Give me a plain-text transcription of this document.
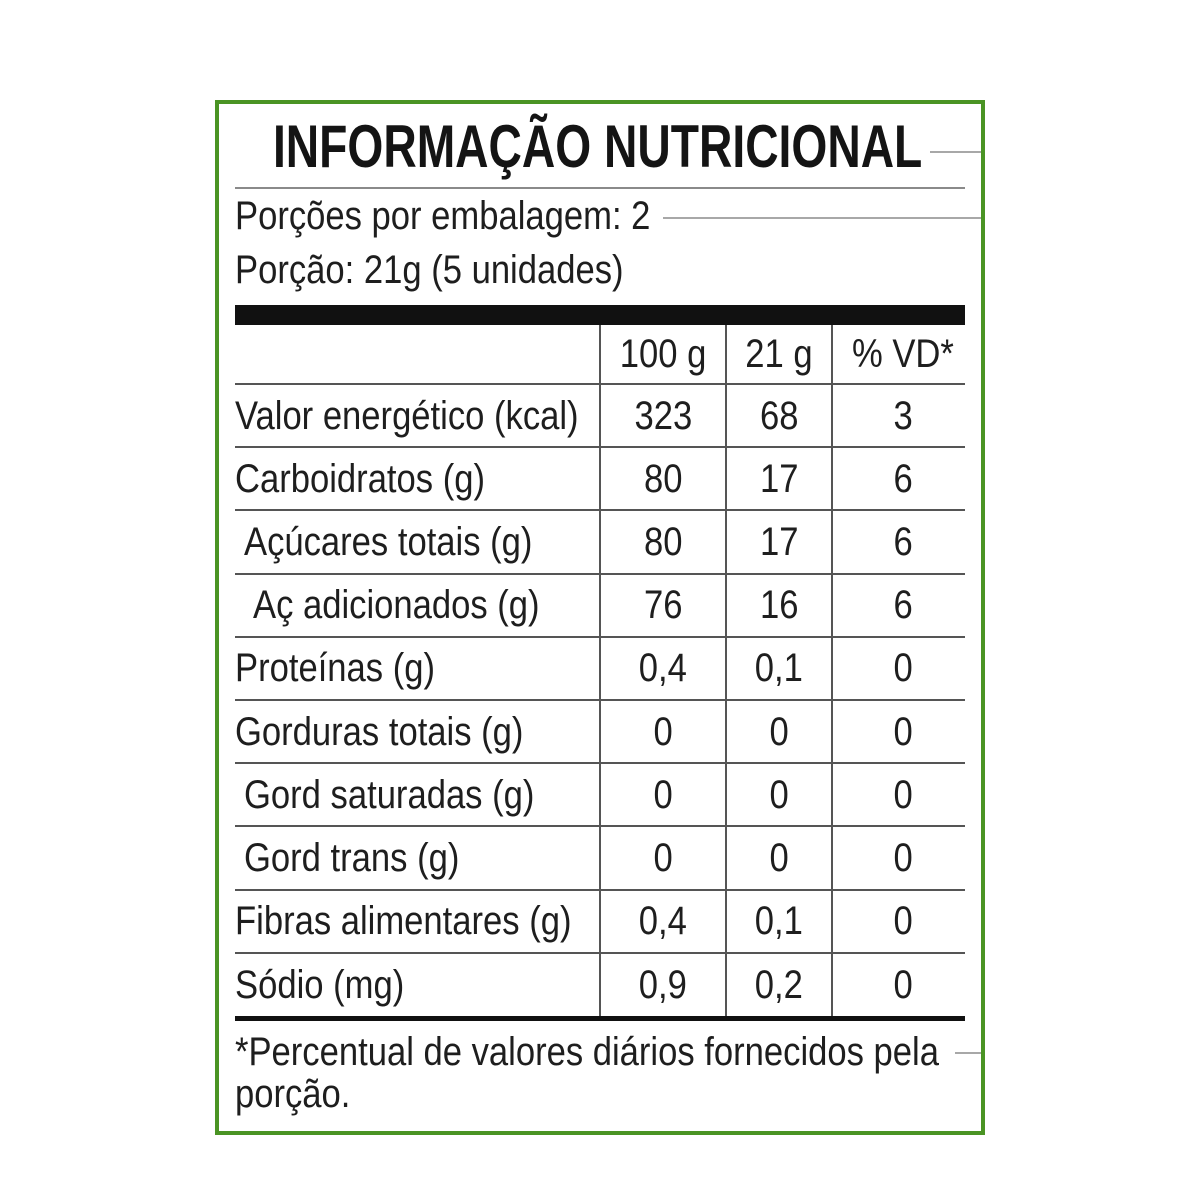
INFORMAÇÃO NUTRICIONAL
Porções por embalagem: 2
Porção: 21g (5 unidades)
100 g 21 g % VD*
Valor energético (kcal) 323 68 3
Carboidratos (g)	80 17 6
Açúcares totais (g)	80 17 6
Aç adicionados (g)	76 16 6
Proteínas (g)	0,4 0,1 0
Gorduras totais (g)	0 0	0
Gord saturadas (g)	0 0	0
Gord trans (g)	0 0	0
Fibras alimentares (g) 0,4 0,1 0
Sódio (mg)	0,9 0,2 0
*Percentual de valores diários fornecidos pela porção.
